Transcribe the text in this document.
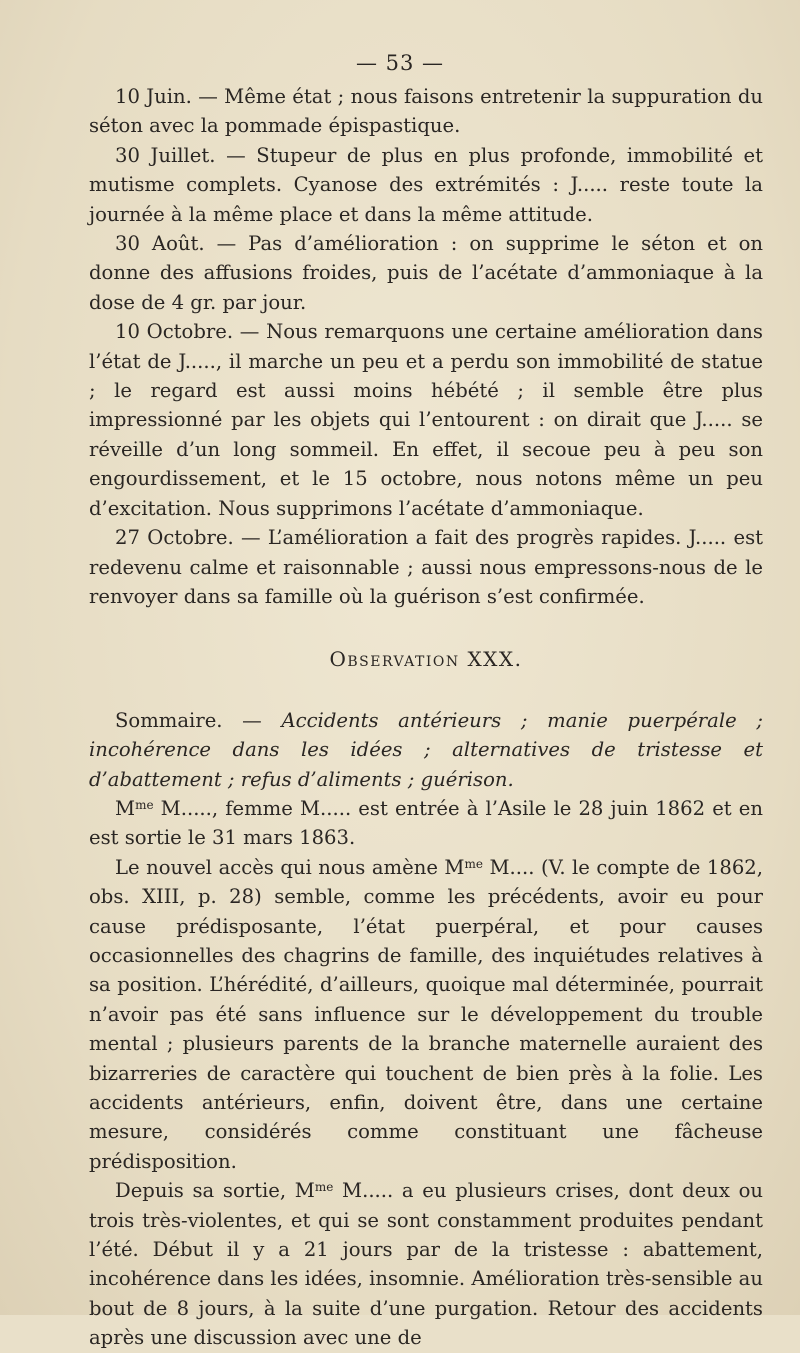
— 53 —

10 Juin. — Même état ; nous faisons entretenir la suppuration du séton avec la pommade épispastique.

30 Juillet. — Stupeur de plus en plus profonde, immobilité et mutisme complets. Cyanose des extrémités : J..... reste toute la journée à la même place et dans la même attitude.

30 Août. — Pas d’amélioration : on supprime le séton et on donne des affusions froides, puis de l’acétate d’ammoniaque à la dose de 4 gr. par jour.

10 Octobre. — Nous remarquons une certaine amélioration dans l’état de J....., il marche un peu et a perdu son immobilité de statue ; le regard est aussi moins hébété ; il semble être plus impressionné par les objets qui l’entourent : on dirait que J..... se réveille d’un long sommeil. En effet, il secoue peu à peu son engourdissement, et le 15 octobre, nous notons même un peu d’excitation. Nous supprimons l’acétate d’ammoniaque.

27 Octobre. — L’amélioration a fait des progrès rapides. J..... est redevenu calme et raisonnable ; aussi nous empressons-nous de le renvoyer dans sa famille où la guérison s’est confirmée.

Observation XXX.

Sommaire. — Accidents antérieurs ; manie puerpérale ; incohérence dans les idées ; alternatives de tristesse et d’abattement ; refus d’aliments ; guérison.

$M^{me}$ M....., femme M..... est entrée à l’Asile le 28 juin 1862 et en est sortie le 31 mars 1863.

Le nouvel accès qui nous amène $M^{me}$ M.... (V. le compte de 1862, obs. XIII, p. 28) semble, comme les précédents, avoir eu pour cause prédisposante, l’état puerpéral, et pour causes occasionnelles des chagrins de famille, des inquiétudes relatives à sa position. L’hérédité, d’ailleurs, quoique mal déterminée, pourrait n’avoir pas été sans influence sur le développement du trouble mental ; plusieurs parents de la branche maternelle auraient des bizarreries de caractère qui touchent de bien près à la folie. Les accidents antérieurs, enfin, doivent être, dans une certaine mesure, considérés comme constituant une fâcheuse prédisposition.

Depuis sa sortie, $M^{me}$ M..... a eu plusieurs crises, dont deux ou trois très-violentes, et qui se sont constamment produites pendant l’été. Début il y a 21 jours par de la tristesse : abattement, incohérence dans les idées, insomnie. Amélioration très-sensible au bout de 8 jours, à la suite d’une purgation. Retour des accidents après une discussion avec une de
